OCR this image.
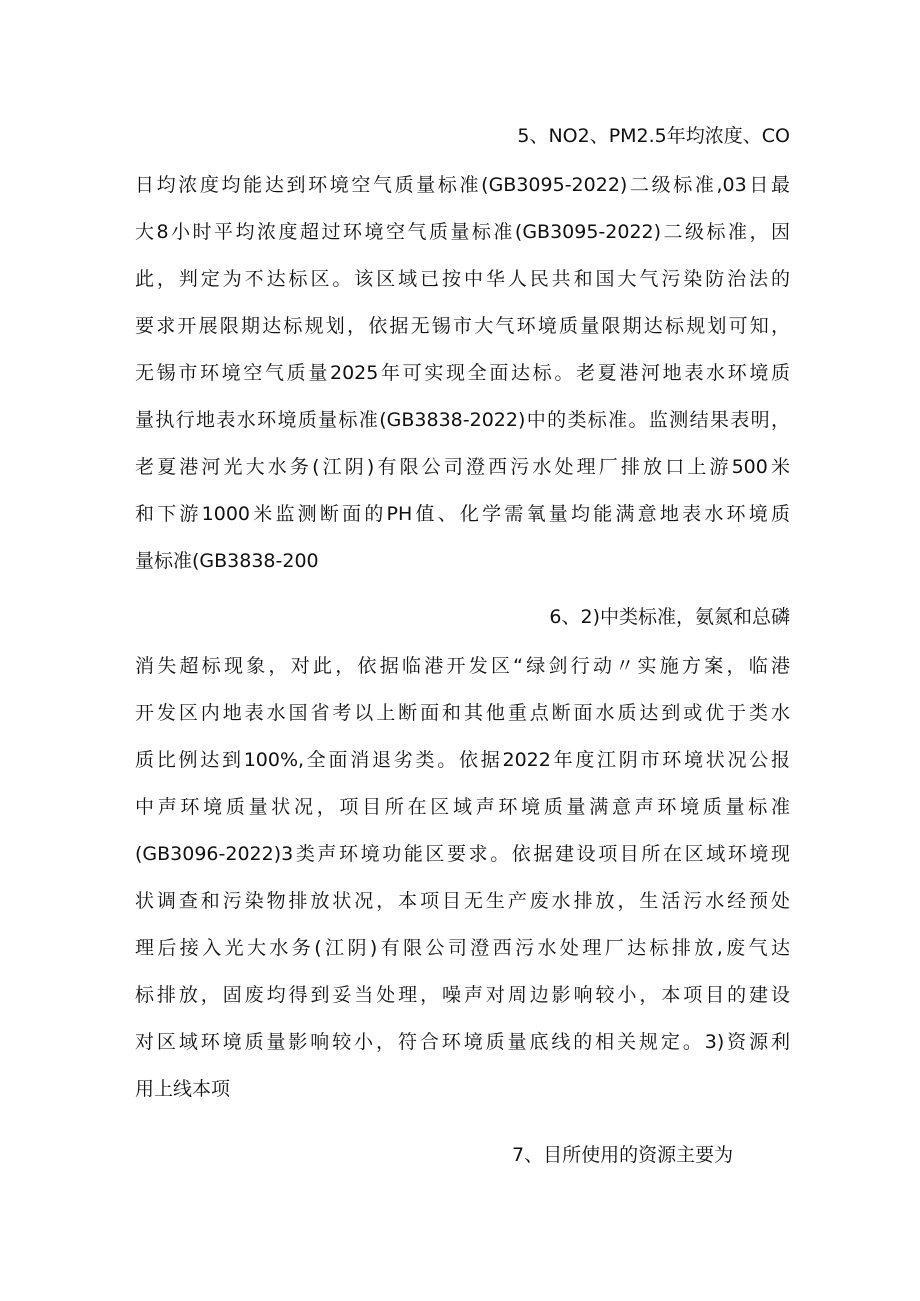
5、NO2、PM2.5年均浓度、CO
日均浓度均能达到环境空气质量标准(GB3095-2022)二级标准,03日最
大8小时平均浓度超过环境空气质量标准(GB3095-2022)二级标准，因
此，判定为不达标区。该区域已按中华人民共和国大气污染防治法的
要求开展限期达标规划，依据无锡市大气环境质量限期达标规划可知，
无锡市环境空气质量2025年可实现全面达标。老夏港河地表水环境质
量执行地表水环境质量标准(GB3838-2022)中的类标准。监测结果表明，
老夏港河光大水务(江阴)有限公司澄西污水处理厂排放口上游500米
和下游1000米监测断面的PH值、化学需氧量均能满意地表水环境质
量标准(GB3838-200
6、2)中类标准，氨氮和总磷
消失超标现象，对此，依据临港开发区“绿剑行动〃实施方案，临港
开发区内地表水国省考以上断面和其他重点断面水质达到或优于类水
质比例达到100%,全面消退劣类。依据2022年度江阴市环境状况公报
中声环境质量状况，项目所在区域声环境质量满意声环境质量标准
(GB3096-2022)3类声环境功能区要求。依据建设项目所在区域环境现
状调查和污染物排放状况，本项目无生产废水排放，生活污水经预处
理后接入光大水务(江阴)有限公司澄西污水处理厂达标排放,废气达
标排放，固废均得到妥当处理，噪声对周边影响较小，本项目的建设
对区域环境质量影响较小，符合环境质量底线的相关规定。3)资源利
用上线本项
7、目所使用的资源主要为
